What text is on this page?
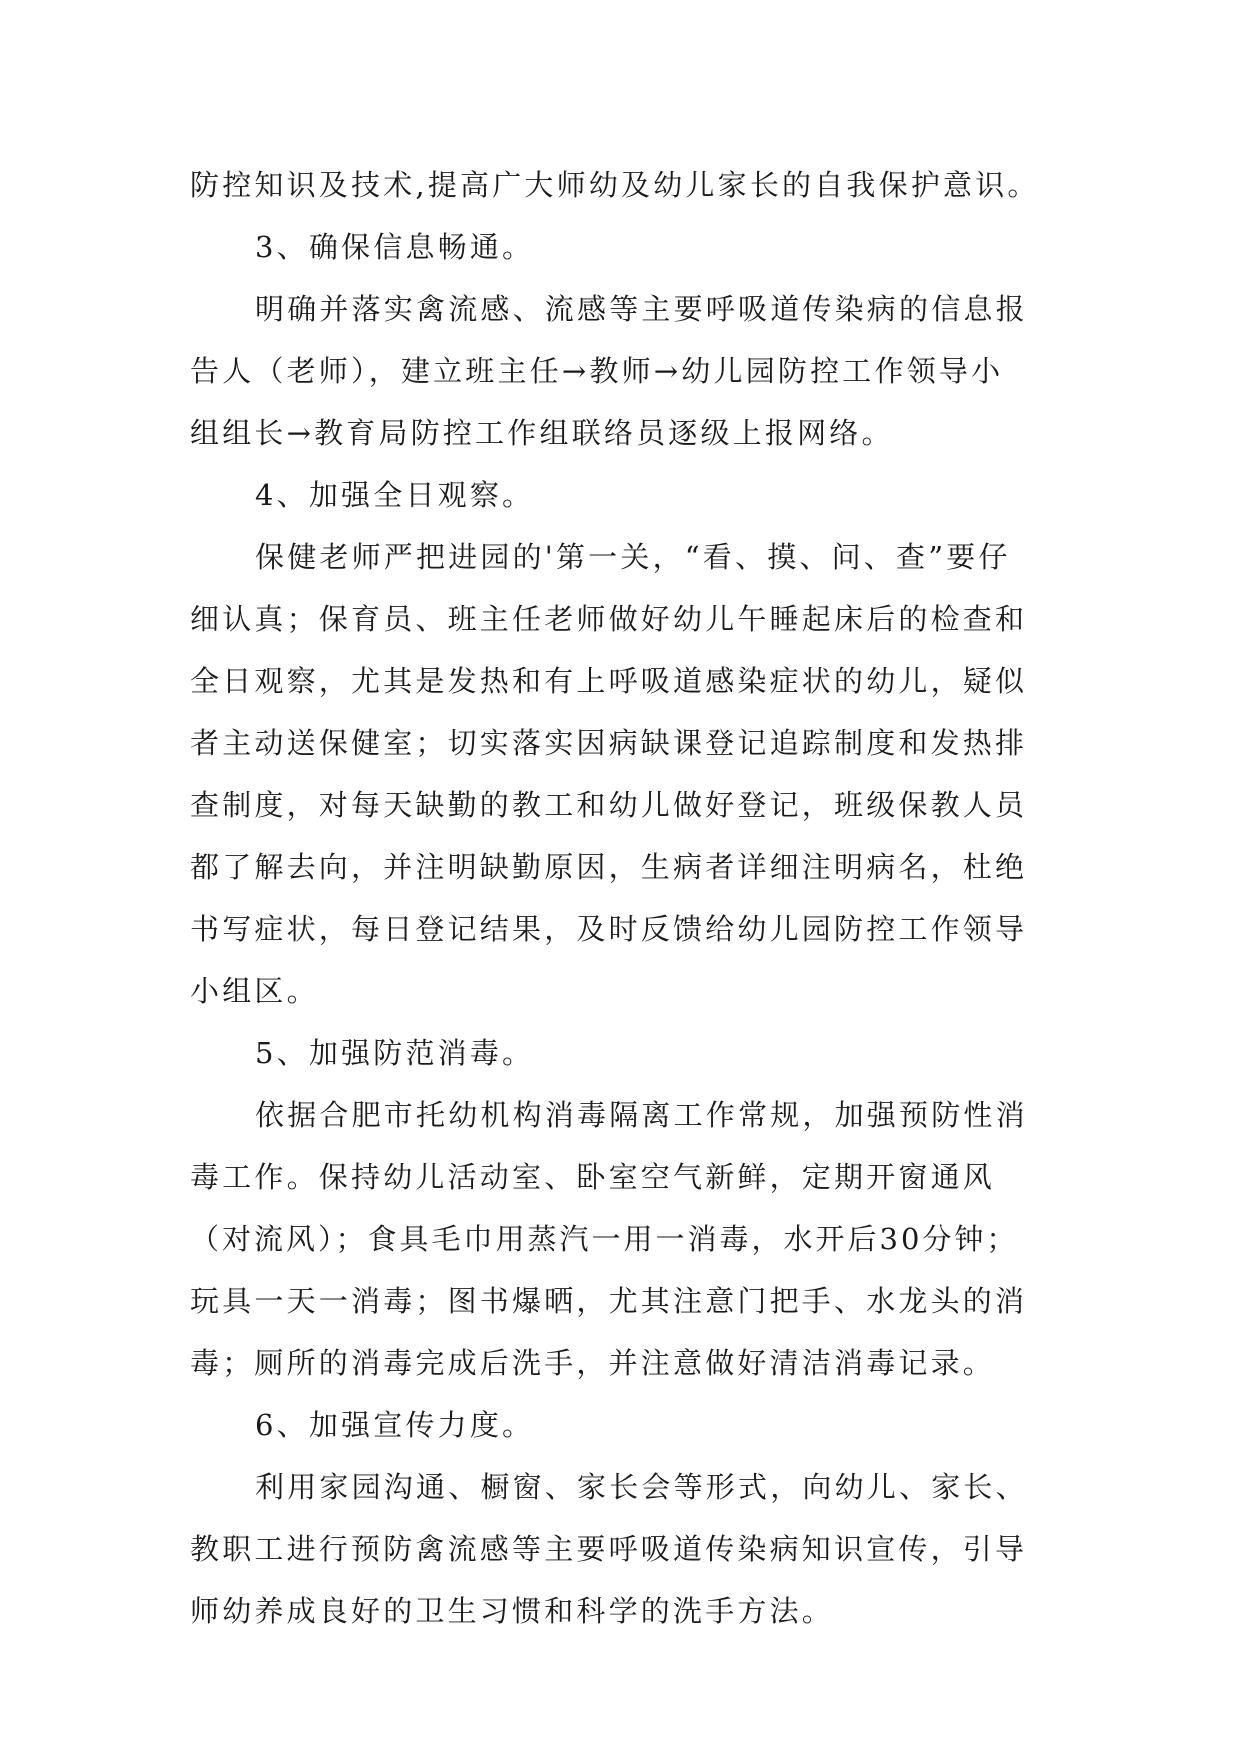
防控知识及技术,提高广大师幼及幼儿家长的自我保护意识。
3、确保信息畅通。
明确并落实禽流感、流感等主要呼吸道传染病的信息报
告人（老师），建立班主任→教师→幼儿园防控工作领导小
组组长→教育局防控工作组联络员逐级上报网络。
4、加强全日观察。
保健老师严把进园的'第一关，“看、摸、问、查”要仔
细认真；保育员、班主任老师做好幼儿午睡起床后的检查和
全日观察，尤其是发热和有上呼吸道感染症状的幼儿，疑似
者主动送保健室；切实落实因病缺课登记追踪制度和发热排
查制度，对每天缺勤的教工和幼儿做好登记，班级保教人员
都了解去向，并注明缺勤原因，生病者详细注明病名，杜绝
书写症状，每日登记结果，及时反馈给幼儿园防控工作领导
小组区。
5、加强防范消毒。
依据合肥市托幼机构消毒隔离工作常规，加强预防性消
毒工作。保持幼儿活动室、卧室空气新鲜，定期开窗通风
（对流风）；食具毛巾用蒸汽一用一消毒，水开后30分钟；
玩具一天一消毒；图书爆晒，尤其注意门把手、水龙头的消
毒；厕所的消毒完成后洗手，并注意做好清洁消毒记录。
6、加强宣传力度。
利用家园沟通、橱窗、家长会等形式，向幼儿、家长、
教职工进行预防禽流感等主要呼吸道传染病知识宣传，引导
师幼养成良好的卫生习惯和科学的洗手方法。
